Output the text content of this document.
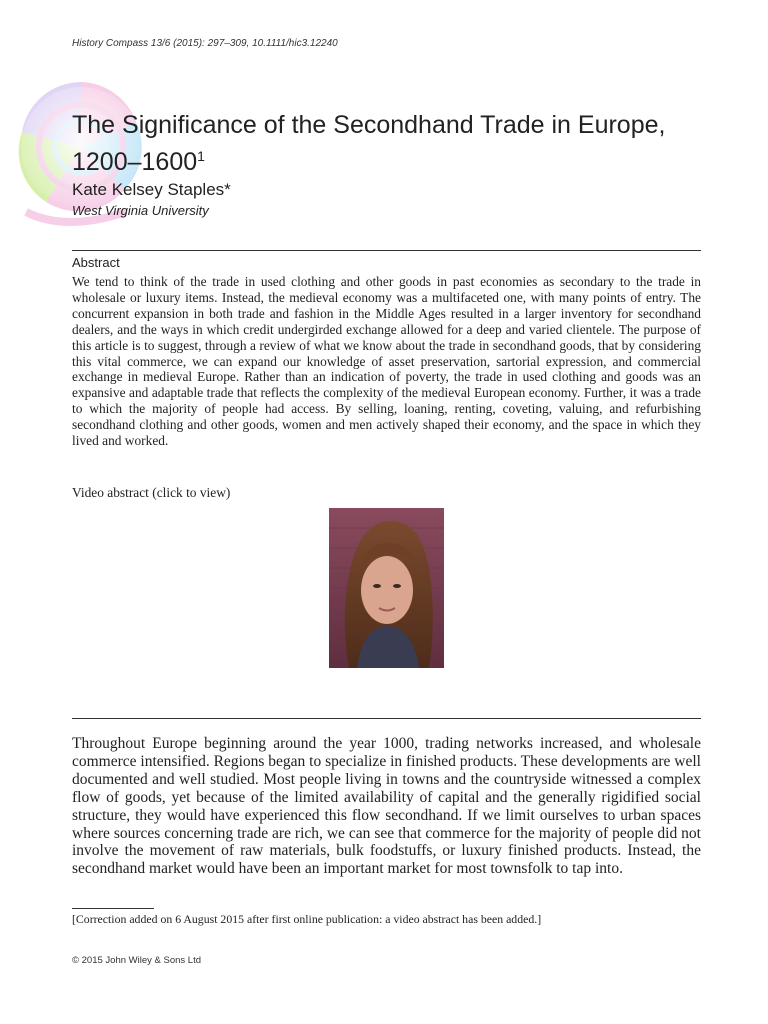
History Compass 13/6 (2015): 297–309, 10.1111/hic3.12240
The Significance of the Secondhand Trade in Europe, 1200–1600$^1$
Kate Kelsey Staples*
West Virginia University
Abstract

We tend to think of the trade in used clothing and other goods in past economies as secondary to the trade in wholesale or luxury items. Instead, the medieval economy was a multifaceted one, with many points of entry. The concurrent expansion in both trade and fashion in the Middle Ages resulted in a larger inventory for secondhand dealers, and the ways in which credit undergirded exchange allowed for a deep and varied clientele. The purpose of this article is to suggest, through a review of what we know about the trade in secondhand goods, that by considering this vital commerce, we can expand our knowledge of asset preservation, sartorial expression, and commercial exchange in medieval Europe. Rather than an indication of poverty, the trade in used clothing and goods was an expansive and adaptable trade that reflects the complexity of the medieval European economy. Further, it was a trade to which the majority of people had access. By selling, loaning, renting, coveting, valuing, and refurbishing secondhand clothing and other goods, women and men actively shaped their economy, and the space in which they lived and worked.

Video abstract (click to view)

Throughout Europe beginning around the year 1000, trading networks increased, and wholesale commerce intensified. Regions began to specialize in finished products. These developments are well documented and well studied. Most people living in towns and the countryside witnessed a complex flow of goods, yet because of the limited availability of capital and the generally rigidified social structure, they would have experienced this flow secondhand. If we limit ourselves to urban spaces where sources concerning trade are rich, we can see that commerce for the majority of people did not involve the movement of raw materials, bulk foodstuffs, or luxury finished products. Instead, the secondhand market would have been an important market for most townsfolk to tap into.

[Correction added on 6 August 2015 after first online publication: a video abstract has been added.]
© 2015 John Wiley & Sons Ltd
